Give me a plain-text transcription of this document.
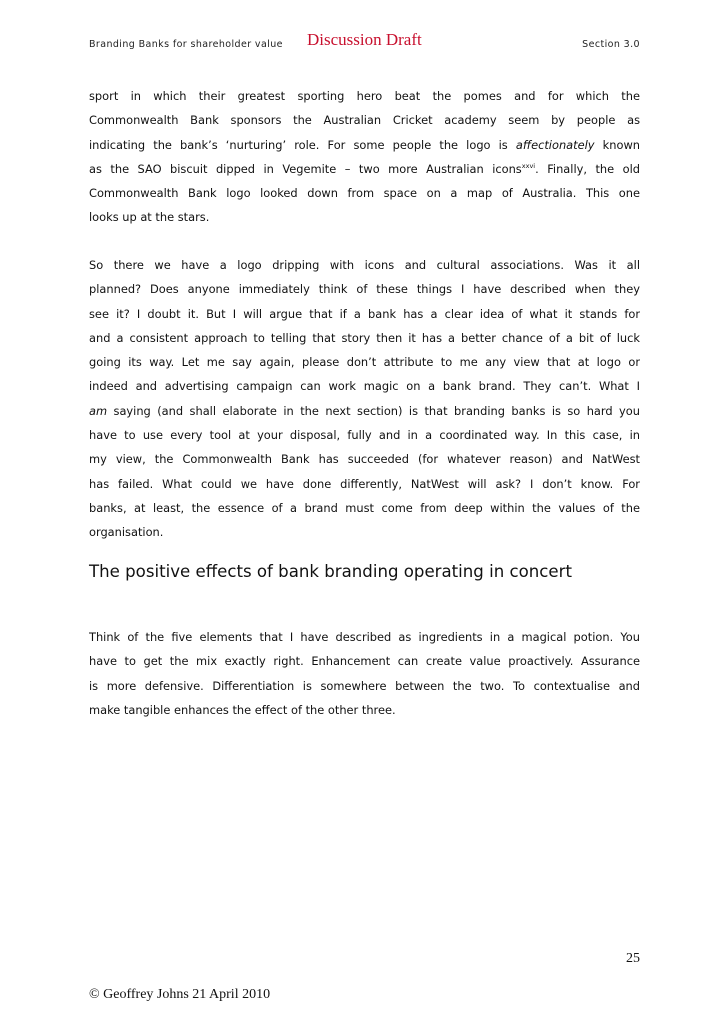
Branding Banks for shareholder value Discussion Draft	Section 3.0
sport in which their greatest sporting hero beat the pomes and for which the
Commonwealth Bank sponsors the Australian Cricket academy seem by people as
indicating the bank’s ‘nurturing’ role. For some people the logo is affectionately known
as the SAO biscuit dipped in Vegemite – two more Australian icons$^{xxvi}$. Finally, the old
Commonwealth Bank logo looked down from space on a map of Australia. This one
looks up at the stars.
So there we have a logo dripping with icons and cultural associations. Was it all
planned? Does anyone immediately think of these things I have described when they
see it? I doubt it. But I will argue that if a bank has a clear idea of what it stands for
and a consistent approach to telling that story then it has a better chance of a bit of luck
going its way. Let me say again, please don’t attribute to me any view that at logo or
indeed and advertising campaign can work magic on a bank brand. They can’t. What I
am saying (and shall elaborate in the next section) is that branding banks is so hard you
have to use every tool at your disposal, fully and in a coordinated way. In this case, in
my view, the Commonwealth Bank has succeeded (for whatever reason) and NatWest
has failed. What could we have done differently, NatWest will ask? I don’t know. For
banks, at least, the essence of a brand must come from deep within the values of the
organisation.
The positive effects of bank branding operating in concert
Think of the five elements that I have described as ingredients in a magical potion. You
have to get the mix exactly right. Enhancement can create value proactively. Assurance
is more defensive. Differentiation is somewhere between the two. To contextualise and
make tangible enhances the effect of the other three.
25
© Geoffrey Johns 21 April 2010
